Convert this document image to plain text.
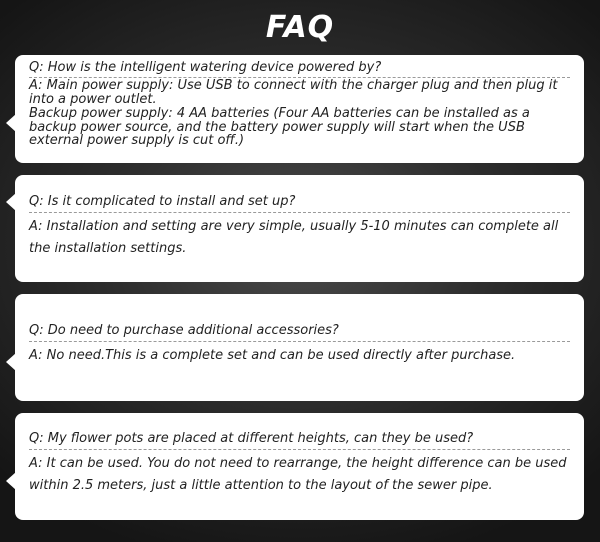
FAQ
Q: How is the intelligent watering device powered by?
A: Main power supply: Use USB to connect with the charger plug and then plug it into a power outlet.
Backup power supply: 4 AA batteries (Four AA batteries can be installed as a backup power source, and the battery power supply will start when the USB external power supply is cut off.)
Q: Is it complicated to install and set up?
A: Installation and setting are very simple, usually 5-10 minutes can complete all the installation settings.
Q: Do need to purchase additional accessories?
A: No need.This is a complete set and can be used directly after purchase.
Q: My flower pots are placed at different heights, can they be used?
A: It can be used. You do not need to rearrange, the height difference can be used within 2.5 meters, just a little attention to the layout of the sewer pipe.
